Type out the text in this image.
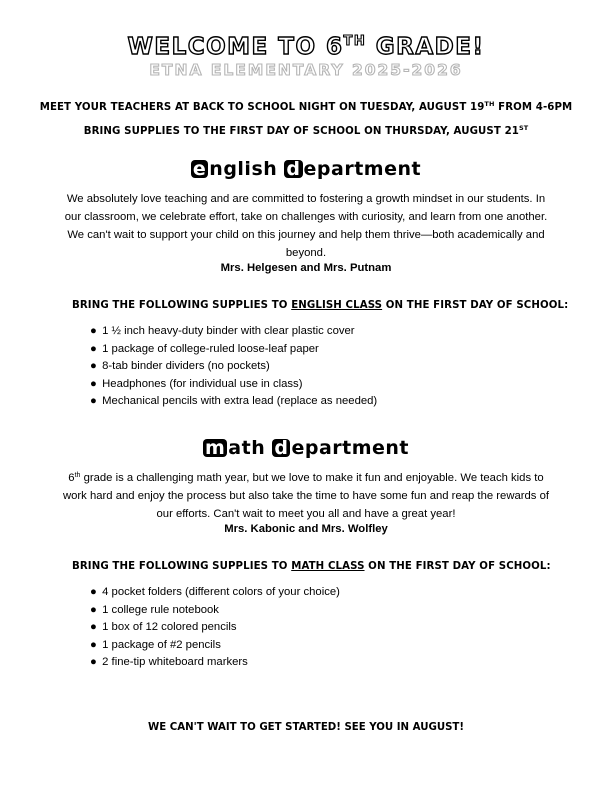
WELCOME TO 6TH GRADE!
ETNA ELEMENTARY 2025-2026
MEET YOUR TEACHERS AT BACK TO SCHOOL NIGHT ON TUESDAY, AUGUST 19TH FROM 4-6PM
BRING SUPPLIES TO THE FIRST DAY OF SCHOOL ON THURSDAY, AUGUST 21ST
e nglish d epartment
We absolutely love teaching and are committed to fostering a growth mindset in our students. In our classroom, we celebrate effort, take on challenges with curiosity, and learn from one another. We can't wait to support your child on this journey and help them thrive—both academically and beyond.
Mrs. Helgesen and Mrs. Putnam
BRING THE FOLLOWING SUPPLIES TO ENGLISH CLASS ON THE FIRST DAY OF SCHOOL:
● 1 ½ inch heavy-duty binder with clear plastic cover
● 1 package of college-ruled loose-leaf paper
● 8-tab binder dividers (no pockets)
● Headphones (for individual use in class)
● Mechanical pencils with extra lead (replace as needed)
m ath d epartment
6th grade is a challenging math year, but we love to make it fun and enjoyable. We teach kids to work hard and enjoy the process but also take the time to have some fun and reap the rewards of our efforts. Can't wait to meet you all and have a great year!
Mrs. Kabonic and Mrs. Wolfley
BRING THE FOLLOWING SUPPLIES TO MATH CLASS ON THE FIRST DAY OF SCHOOL:
● 4 pocket folders (different colors of your choice)
● 1 college rule notebook
● 1 box of 12 colored pencils
● 1 package of #2 pencils
● 2 fine-tip whiteboard markers
WE CAN'T WAIT TO GET STARTED! SEE YOU IN AUGUST!
